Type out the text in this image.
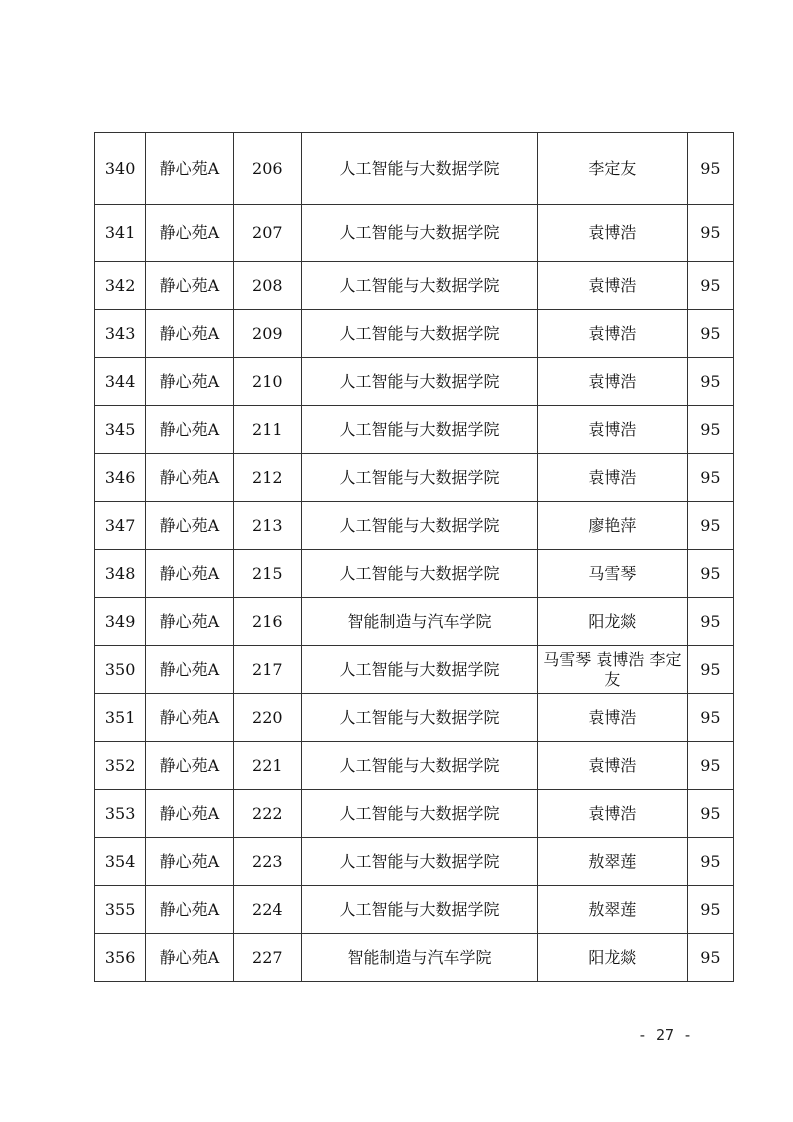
340	静心苑A	206	人工智能与大数据学院	李定友	95
341	静心苑A	207	人工智能与大数据学院	袁博浩	95
342	静心苑A	208	人工智能与大数据学院	袁博浩	95
343	静心苑A	209	人工智能与大数据学院	袁博浩	95
344	静心苑A	210	人工智能与大数据学院	袁博浩	95
345	静心苑A	211	人工智能与大数据学院	袁博浩	95
346	静心苑A	212	人工智能与大数据学院	袁博浩	95
347	静心苑A	213	人工智能与大数据学院	廖艳萍	95
348	静心苑A	215	人工智能与大数据学院	马雪琴	95
349	静心苑A	216	智能制造与汽车学院	阳龙燚	95
350	静心苑A	217	人工智能与大数据学院	马雪琴 袁博浩 李定友	95
351	静心苑A	220	人工智能与大数据学院	袁博浩	95
352	静心苑A	221	人工智能与大数据学院	袁博浩	95
353	静心苑A	222	人工智能与大数据学院	袁博浩	95
354	静心苑A	223	人工智能与大数据学院	敖翠莲	95
355	静心苑A	224	人工智能与大数据学院	敖翠莲	95
356	静心苑A	227	智能制造与汽车学院	阳龙燚	95
- 27 -
